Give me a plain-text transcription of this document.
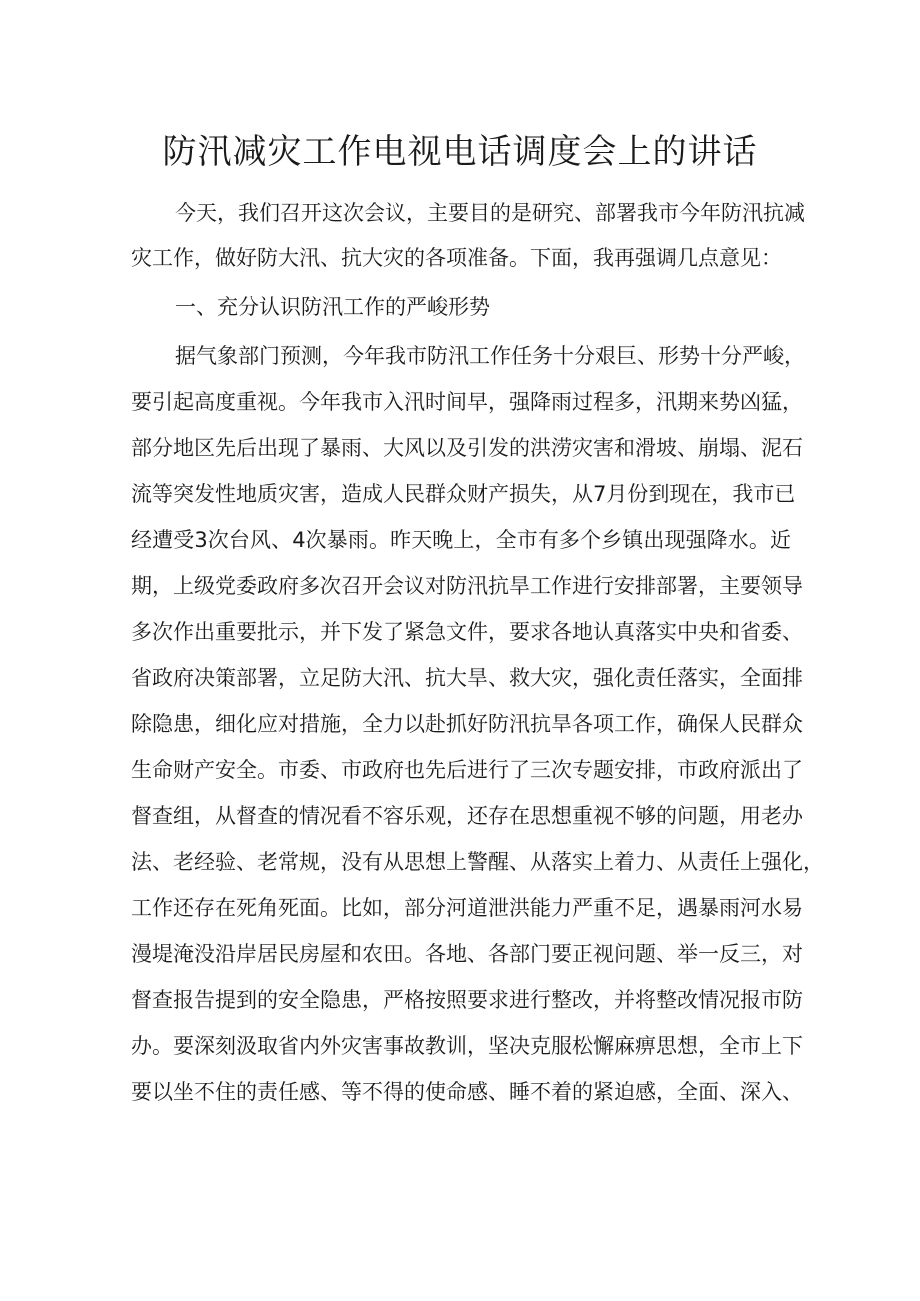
防汛减灾工作电视电话调度会上的讲话

今天，我们召开这次会议，主要目的是研究、部署我市今年防汛抗减

灾工作，做好防大汛、抗大灾的各项准备。下面，我再强调几点意见：

一、充分认识防汛工作的严峻形势

据气象部门预测，今年我市防汛工作任务十分艰巨、形势十分严峻，

要引起高度重视。今年我市入汛时间早，强降雨过程多，汛期来势凶猛，

部分地区先后出现了暴雨、大风以及引发的洪涝灾害和滑坡、崩塌、泥石

流等突发性地质灾害，造成人民群众财产损失，从7月份到现在，我市已

经遭受3次台风、4次暴雨。昨天晚上，全市有多个乡镇出现强降水。近

期，上级党委政府多次召开会议对防汛抗旱工作进行安排部署，主要领导

多次作出重要批示，并下发了紧急文件，要求各地认真落实中央和省委、

省政府决策部署，立足防大汛、抗大旱、救大灾，强化责任落实，全面排

除隐患，细化应对措施，全力以赴抓好防汛抗旱各项工作，确保人民群众

生命财产安全。市委、市政府也先后进行了三次专题安排，市政府派出了

督查组，从督查的情况看不容乐观，还存在思想重视不够的问题，用老办

法、老经验、老常规，没有从思想上警醒、从落实上着力、从责任上强化，

工作还存在死角死面。比如，部分河道泄洪能力严重不足，遇暴雨河水易

漫堤淹没沿岸居民房屋和农田。各地、各部门要正视问题、举一反三，对

督查报告提到的安全隐患，严格按照要求进行整改，并将整改情况报市防

办。要深刻汲取省内外灾害事故教训，坚决克服松懈麻痹思想，全市上下

要以坐不住的责任感、等不得的使命感、睡不着的紧迫感，全面、深入、
